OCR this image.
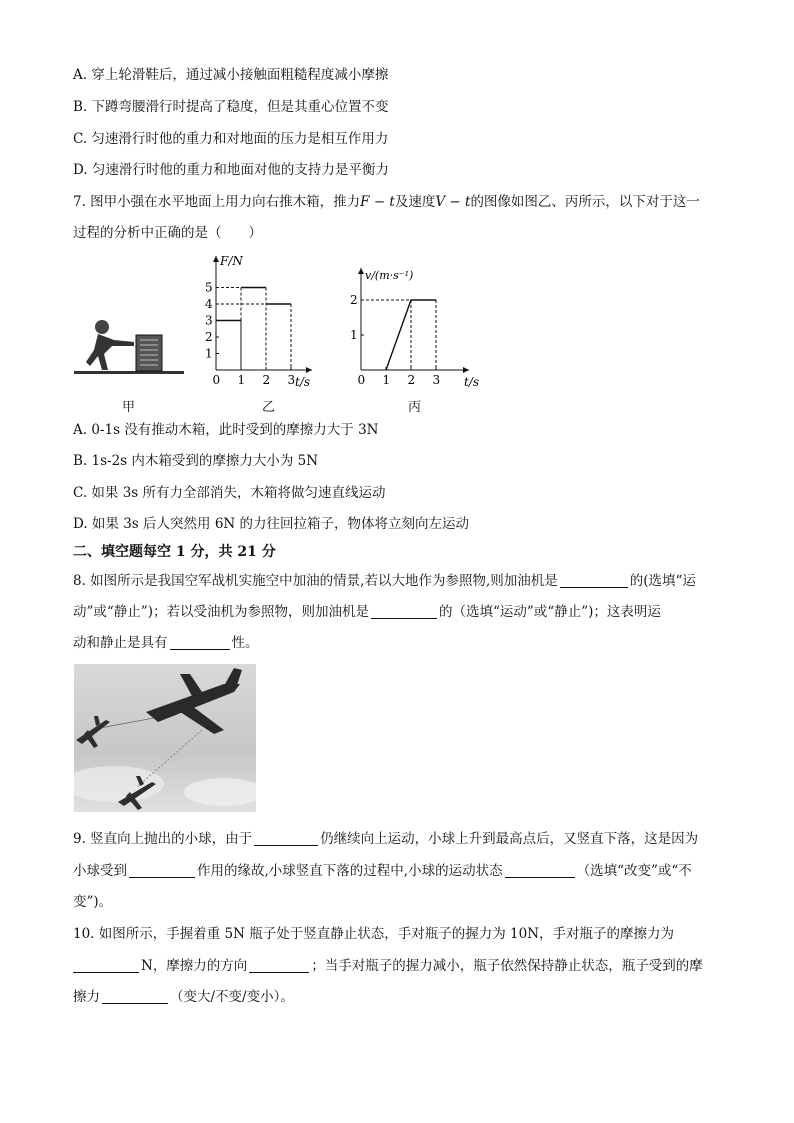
A. 穿上轮滑鞋后，通过减小接触面粗糙程度减小摩擦
B. 下蹲弯腰滑行时提高了稳度，但是其重心位置不变
C. 匀速滑行时他的重力和对地面的压力是相互作用力
D. 匀速滑行时他的重力和地面对他的支持力是平衡力
7. 图甲小强在水平地面上用力向右推木箱，推力F − t及速度V − t的图像如图乙、丙所示，以下对于这一
过程的分析中正确的是（　　）
F/N
t/s
0 1 2 3
1
2
3
4
5
v/(m·s⁻¹)
t/s
0 1 2 3
1
2
甲	乙	丙
A. 0-1s 没有推动木箱，此时受到的摩擦力大于 3N
B. 1s-2s 内木箱受到的摩擦力大小为 5N
C. 如果 3s 所有力全部消失，木箱将做匀速直线运动
D. 如果 3s 后人突然用 6N 的力往回拉箱子，物体将立刻向左运动
二、填空题每空 1 分，共 21 分
8. 如图所示是我国空军战机实施空中加油的情景,若以大地作为参照物,则加油机是	的(选填“运
动”或“静止”)；若以受油机为参照物，则加油机是	的（选填“运动”或“静止”)；这表明运
动和静止是具有	性。
9. 竖直向上抛出的小球，由于	仍继续向上运动，小球上升到最高点后，又竖直下落，这是因为
小球受到	作用的缘故,小球竖直下落的过程中,小球的运动状态	（选填“改变”或“不
变”)。
10. 如图所示，手握着重 5N 瓶子处于竖直静止状态，手对瓶子的握力为 10N，手对瓶子的摩擦力为
N，摩擦力的方向	；当手对瓶子的握力减小，瓶子依然保持静止状态，瓶子受到的摩
擦力	（变大/不变/变小）。
